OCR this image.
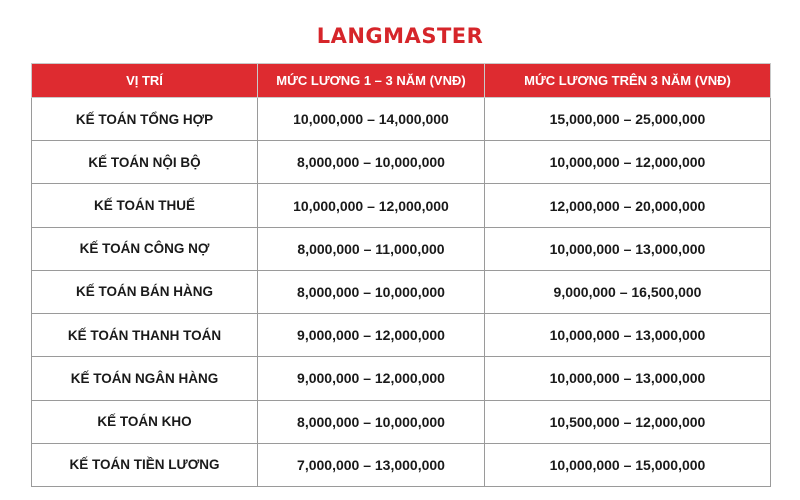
LANGMASTER
VỊ TRÍ	MỨC LƯƠNG 1 – 3 NĂM (VNĐ)	MỨC LƯƠNG TRÊN 3 NĂM (VNĐ)
KẾ TOÁN TỔNG HỢP	10,000,000 – 14,000,000	15,000,000 – 25,000,000
KẾ TOÁN NỘI BỘ	8,000,000 – 10,000,000	10,000,000 – 12,000,000
KẾ TOÁN THUẾ	10,000,000 – 12,000,000	12,000,000 – 20,000,000
KẾ TOÁN CÔNG NỢ	8,000,000 – 11,000,000	10,000,000 – 13,000,000
KẾ TOÁN BÁN HÀNG	8,000,000 – 10,000,000	9,000,000 – 16,500,000
KẾ TOÁN THANH TOÁN	9,000,000 – 12,000,000	10,000,000 – 13,000,000
KẾ TOÁN NGÂN HÀNG	9,000,000 – 12,000,000	10,000,000 – 13,000,000
KẾ TOÁN KHO	8,000,000 – 10,000,000	10,500,000 – 12,000,000
KẾ TOÁN TIỀN LƯƠNG	7,000,000 – 13,000,000	10,000,000 – 15,000,000
